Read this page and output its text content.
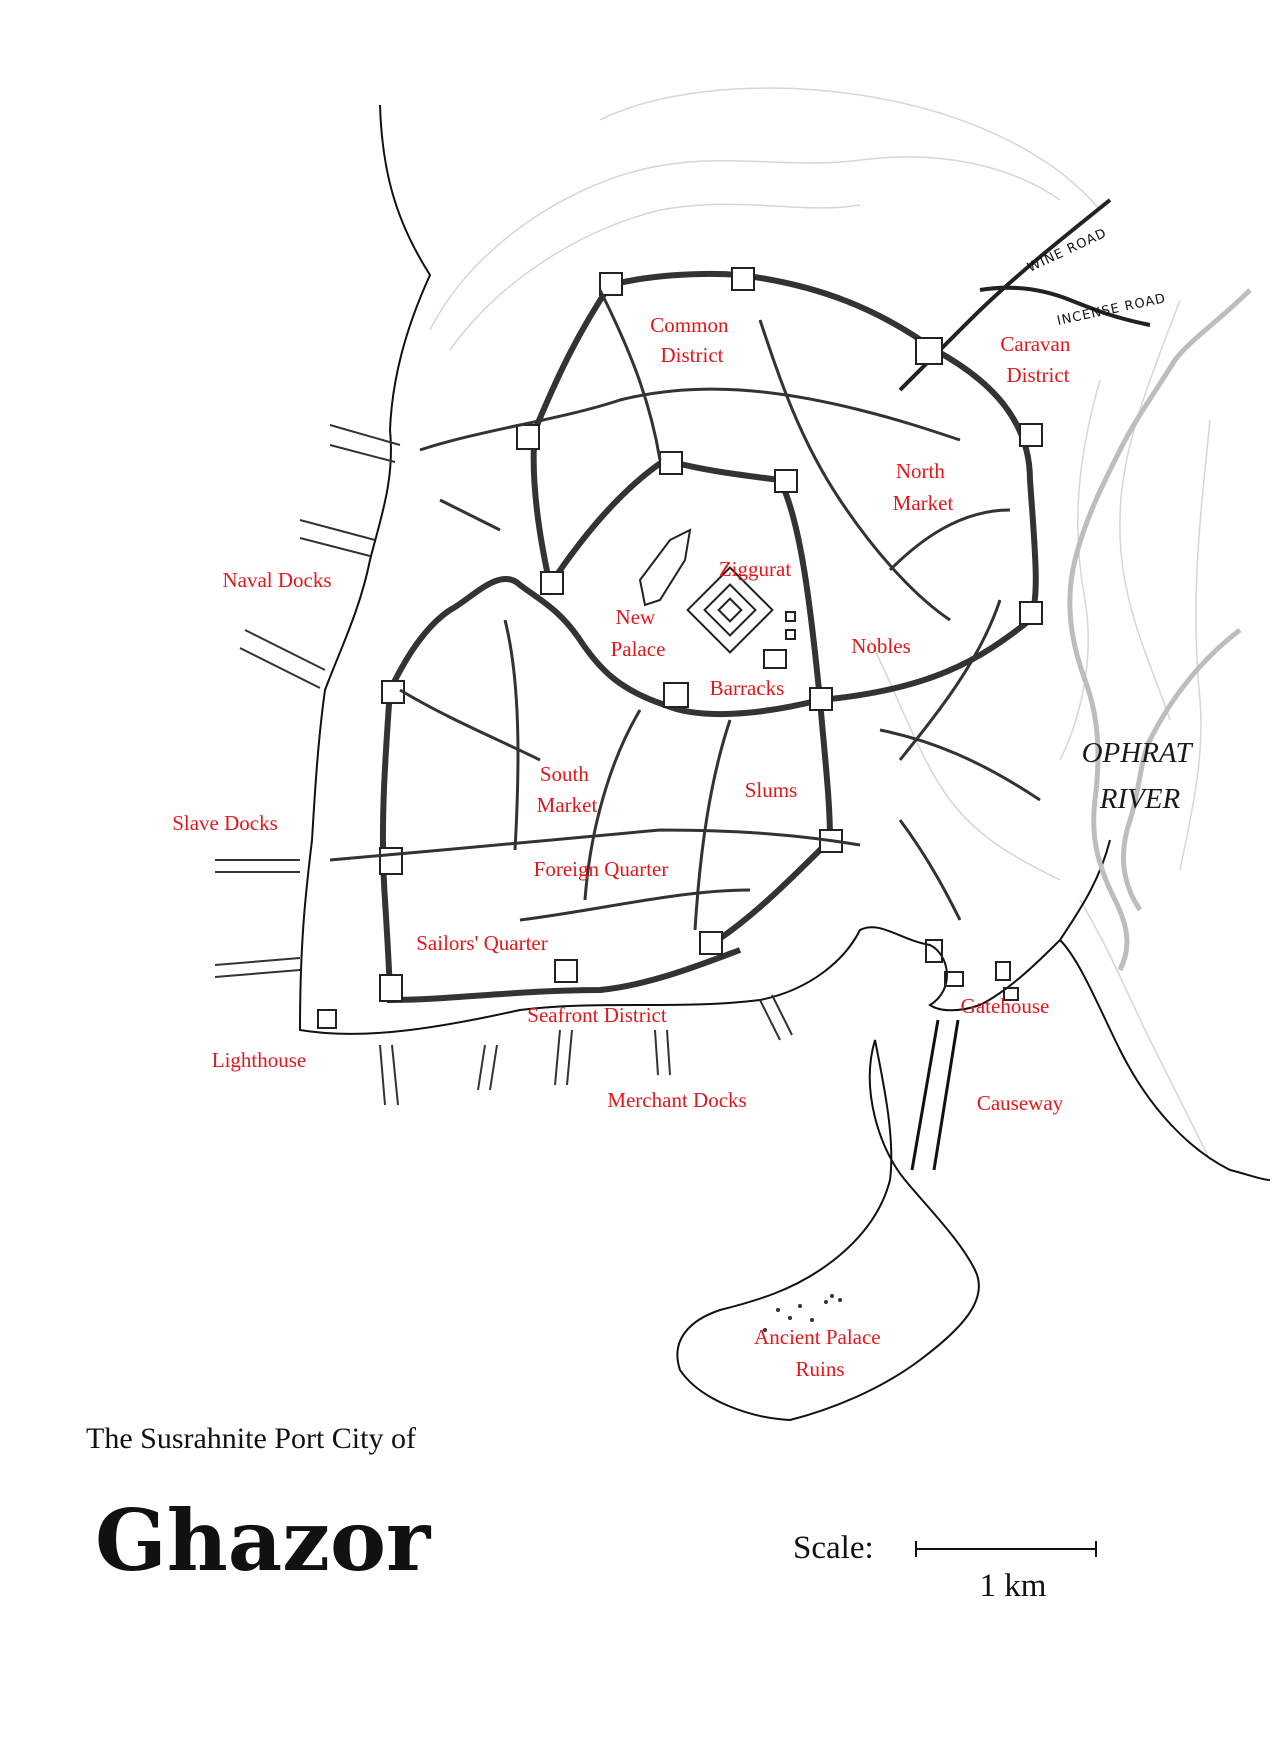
WINE ROAD
INCENSE ROAD
Common District	Caravan District
North Market
Ziggurat
New Palace	Nobles
Barracks
Naval Docks
South Market
Slums
Slave Docks
Foreign Quarter
Sailors' Quarter
Seafront District	Gatehouse
Lighthouse
Merchant Docks	Causeway
Ancient Palace Ruins
OPHRAT RIVER
The Susrahnite Port City of
Ghazor	Scale:
1 km
